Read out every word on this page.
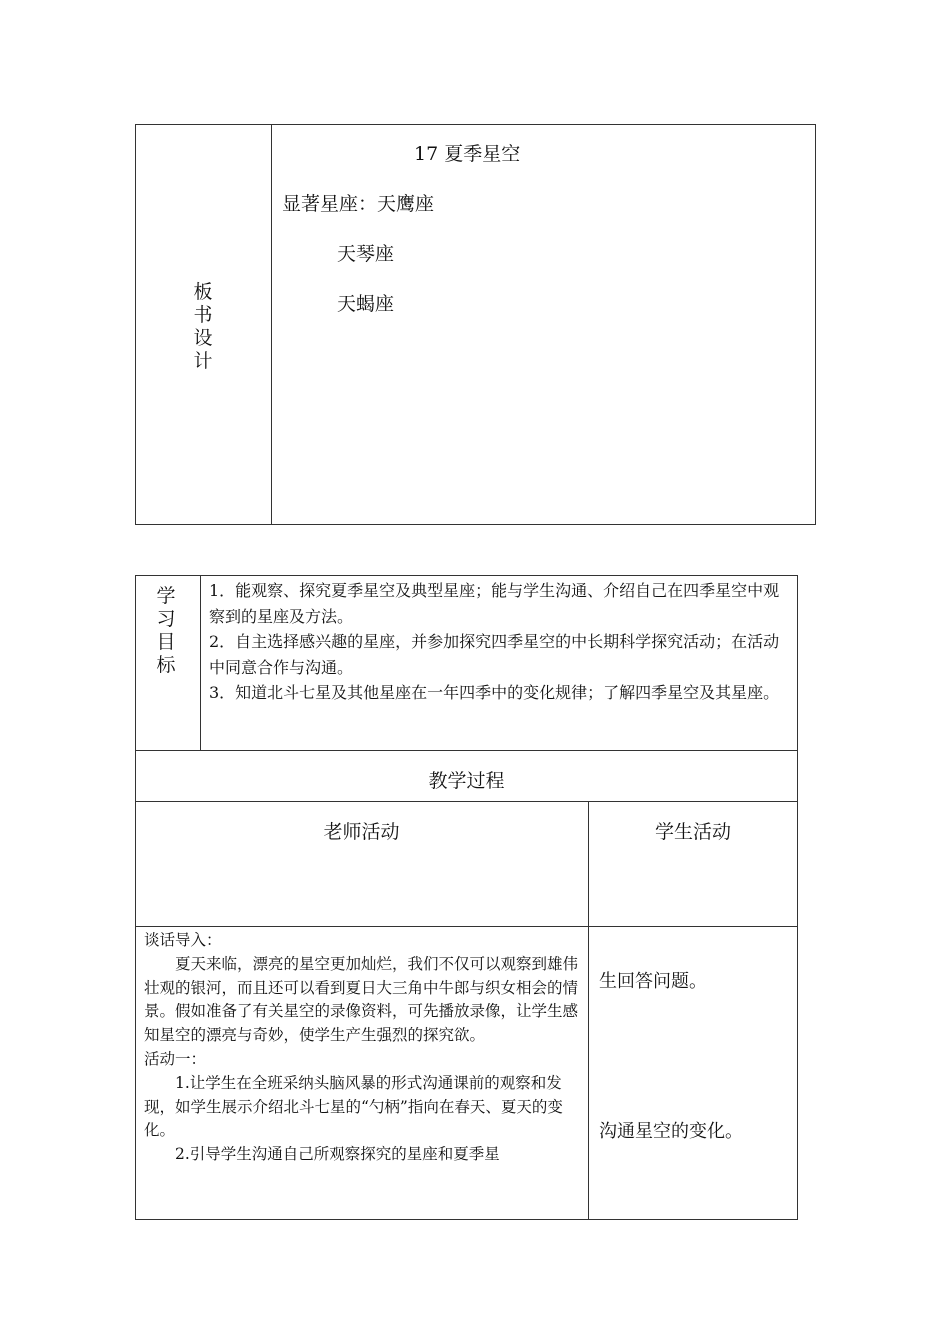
板书设计
17 夏季星空
显著星座：天鹰座
天琴座
天蝎座
学习目标
1．能观察、探究夏季星空及典型星座；能与学生沟通、介绍自己在四季星空中观察到的星座及方法。
2．自主选择感兴趣的星座，并参加探究四季星空的中长期科学探究活动；在活动中同意合作与沟通。
3．知道北斗七星及其他星座在一年四季中的变化规律；了解四季星空及其星座。
教学过程
老师活动	学生活动
谈话导入：
夏天来临，漂亮的星空更加灿烂，我们不仅可以观察到雄伟壮观的银河，而且还可以看到夏日大三角中牛郎与织女相会的情景。假如准备了有关星空的录像资料，可先播放录像，让学生感知星空的漂亮与奇妙，使学生产生强烈的探究欲。
活动一：
1.让学生在全班采纳头脑风暴的形式沟通课前的观察和发现，如学生展示介绍北斗七星的“勺柄”指向在春天、夏天的变化。
2.引导学生沟通自己所观察探究的星座和夏季星
生回答问题。
沟通星空的变化。
